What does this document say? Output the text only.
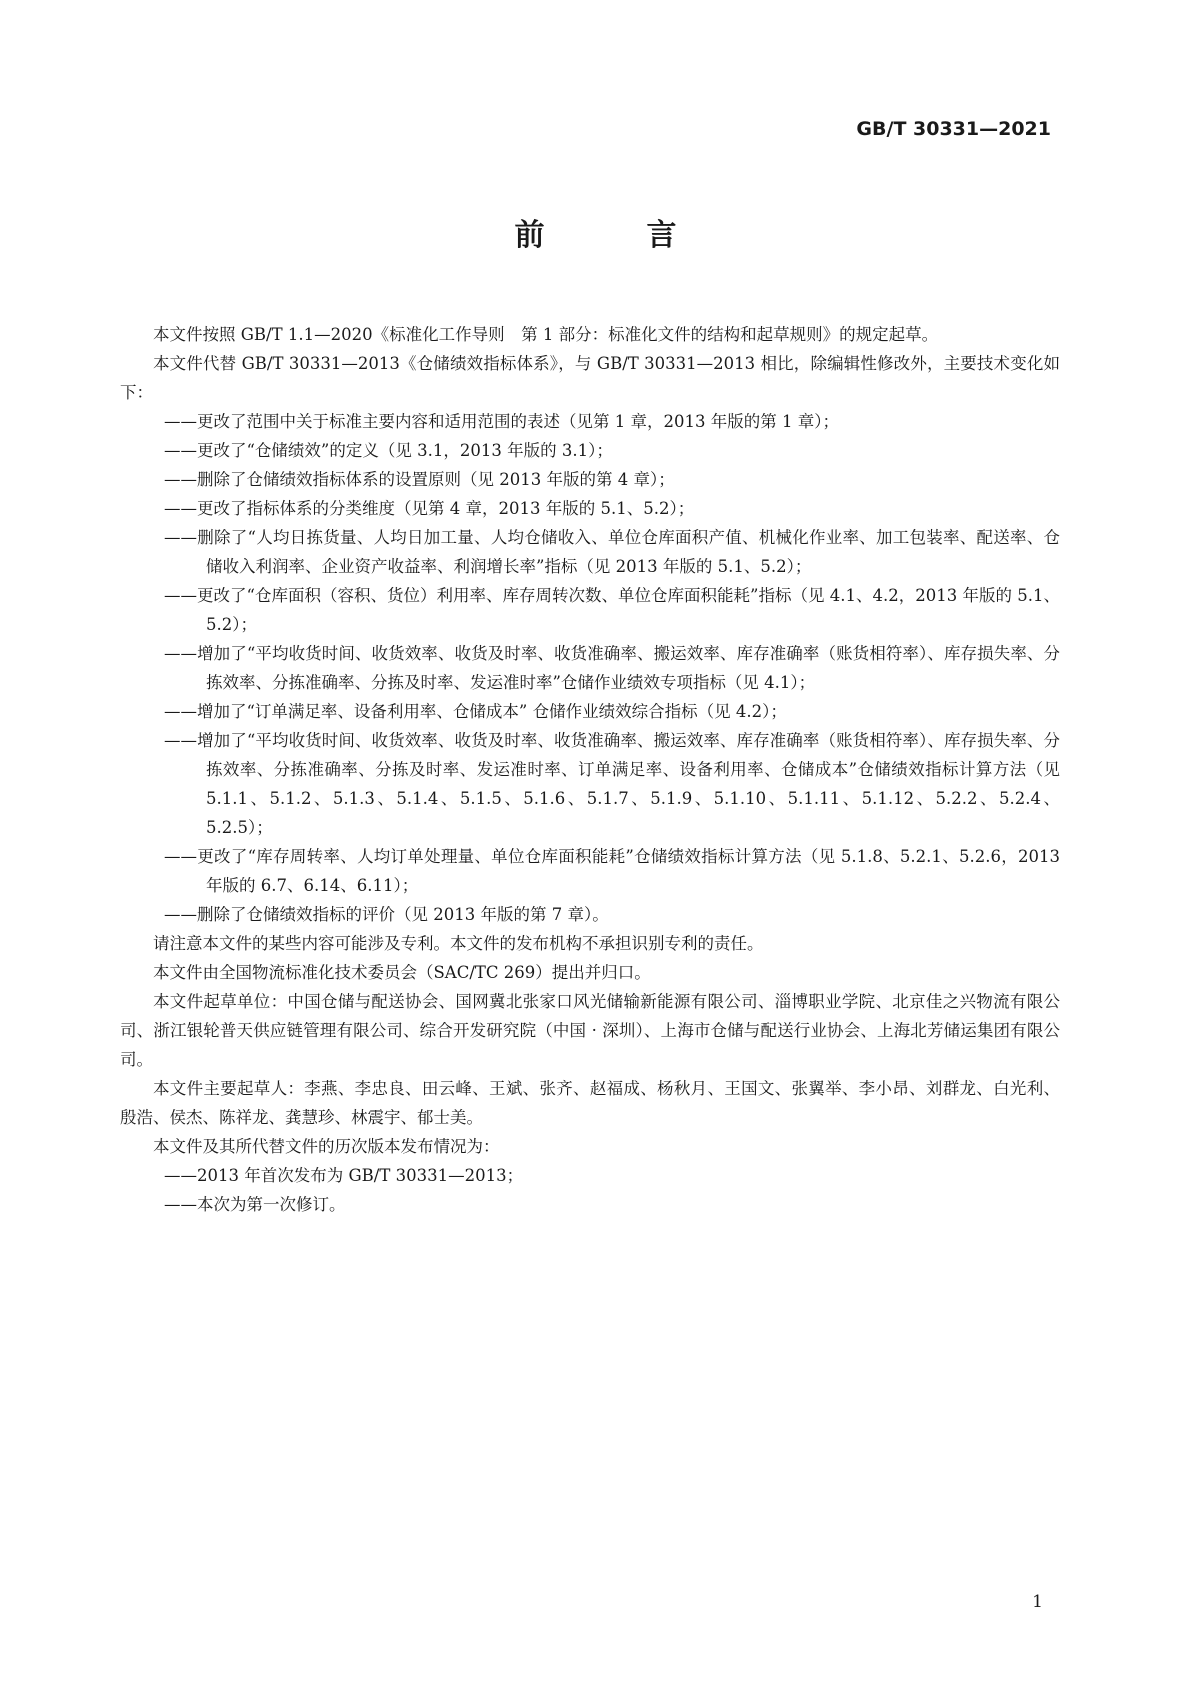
GB/T 30331—2021
前　言

本文件按照 GB/T 1.1—2020《标准化工作导则　第 1 部分：标准化文件的结构和起草规则》的规定起草。

本文件代替 GB/T 30331—2013《仓储绩效指标体系》，与 GB/T 30331—2013 相比，除编辑性修改外，主要技术变化如下：

——更改了范围中关于标准主要内容和适用范围的表述（见第 1 章，2013 年版的第 1 章）；

——更改了“仓储绩效”的定义（见 3.1，2013 年版的 3.1）；

——删除了仓储绩效指标体系的设置原则（见 2013 年版的第 4 章）；

——更改了指标体系的分类维度（见第 4 章，2013 年版的 5.1、5.2）；

——删除了“人均日拣货量、人均日加工量、人均仓储收入、单位仓库面积产值、机械化作业率、加工包装率、配送率、仓储收入利润率、企业资产收益率、利润增长率”指标（见 2013 年版的 5.1、5.2）；

——更改了“仓库面积（容积、货位）利用率、库存周转次数、单位仓库面积能耗”指标（见 4.1、4.2，2013 年版的 5.1、5.2）；

——增加了“平均收货时间、收货效率、收货及时率、收货准确率、搬运效率、库存准确率（账货相符率）、库存损失率、分拣效率、分拣准确率、分拣及时率、发运准时率”仓储作业绩效专项指标（见 4.1）；

——增加了“订单满足率、设备利用率、仓储成本” 仓储作业绩效综合指标（见 4.2）；

——增加了“平均收货时间、收货效率、收货及时率、收货准确率、搬运效率、库存准确率（账货相符率）、库存损失率、分拣效率、分拣准确率、分拣及时率、发运准时率、订单满足率、设备利用率、仓储成本”仓储绩效指标计算方法（见 5.1.1、5.1.2、5.1.3、5.1.4、5.1.5、5.1.6、5.1.7、5.1.9、5.1.10、5.1.11、5.1.12、5.2.2、5.2.4、5.2.5）；

——更改了“库存周转率、人均订单处理量、单位仓库面积能耗”仓储绩效指标计算方法（见 5.1.8、5.2.1、5.2.6，2013 年版的 6.7、6.14、6.11）；

——删除了仓储绩效指标的评价（见 2013 年版的第 7 章）。

请注意本文件的某些内容可能涉及专利。本文件的发布机构不承担识别专利的责任。

本文件由全国物流标准化技术委员会（SAC/TC 269）提出并归口。

本文件起草单位：中国仓储与配送协会、国网冀北张家口风光储输新能源有限公司、淄博职业学院、北京佳之兴物流有限公司、浙江银轮普天供应链管理有限公司、综合开发研究院（中国 · 深圳）、上海市仓储与配送行业协会、上海北芳储运集团有限公司。

本文件主要起草人：李燕、李忠良、田云峰、王斌、张齐、赵福成、杨秋月、王国文、张翼举、李小昂、刘群龙、白光利、殷浩、侯杰、陈祥龙、龚慧珍、林震宇、郁士美。

本文件及其所代替文件的历次版本发布情况为：

——2013 年首次发布为 GB/T 30331—2013；

——本次为第一次修订。

1
